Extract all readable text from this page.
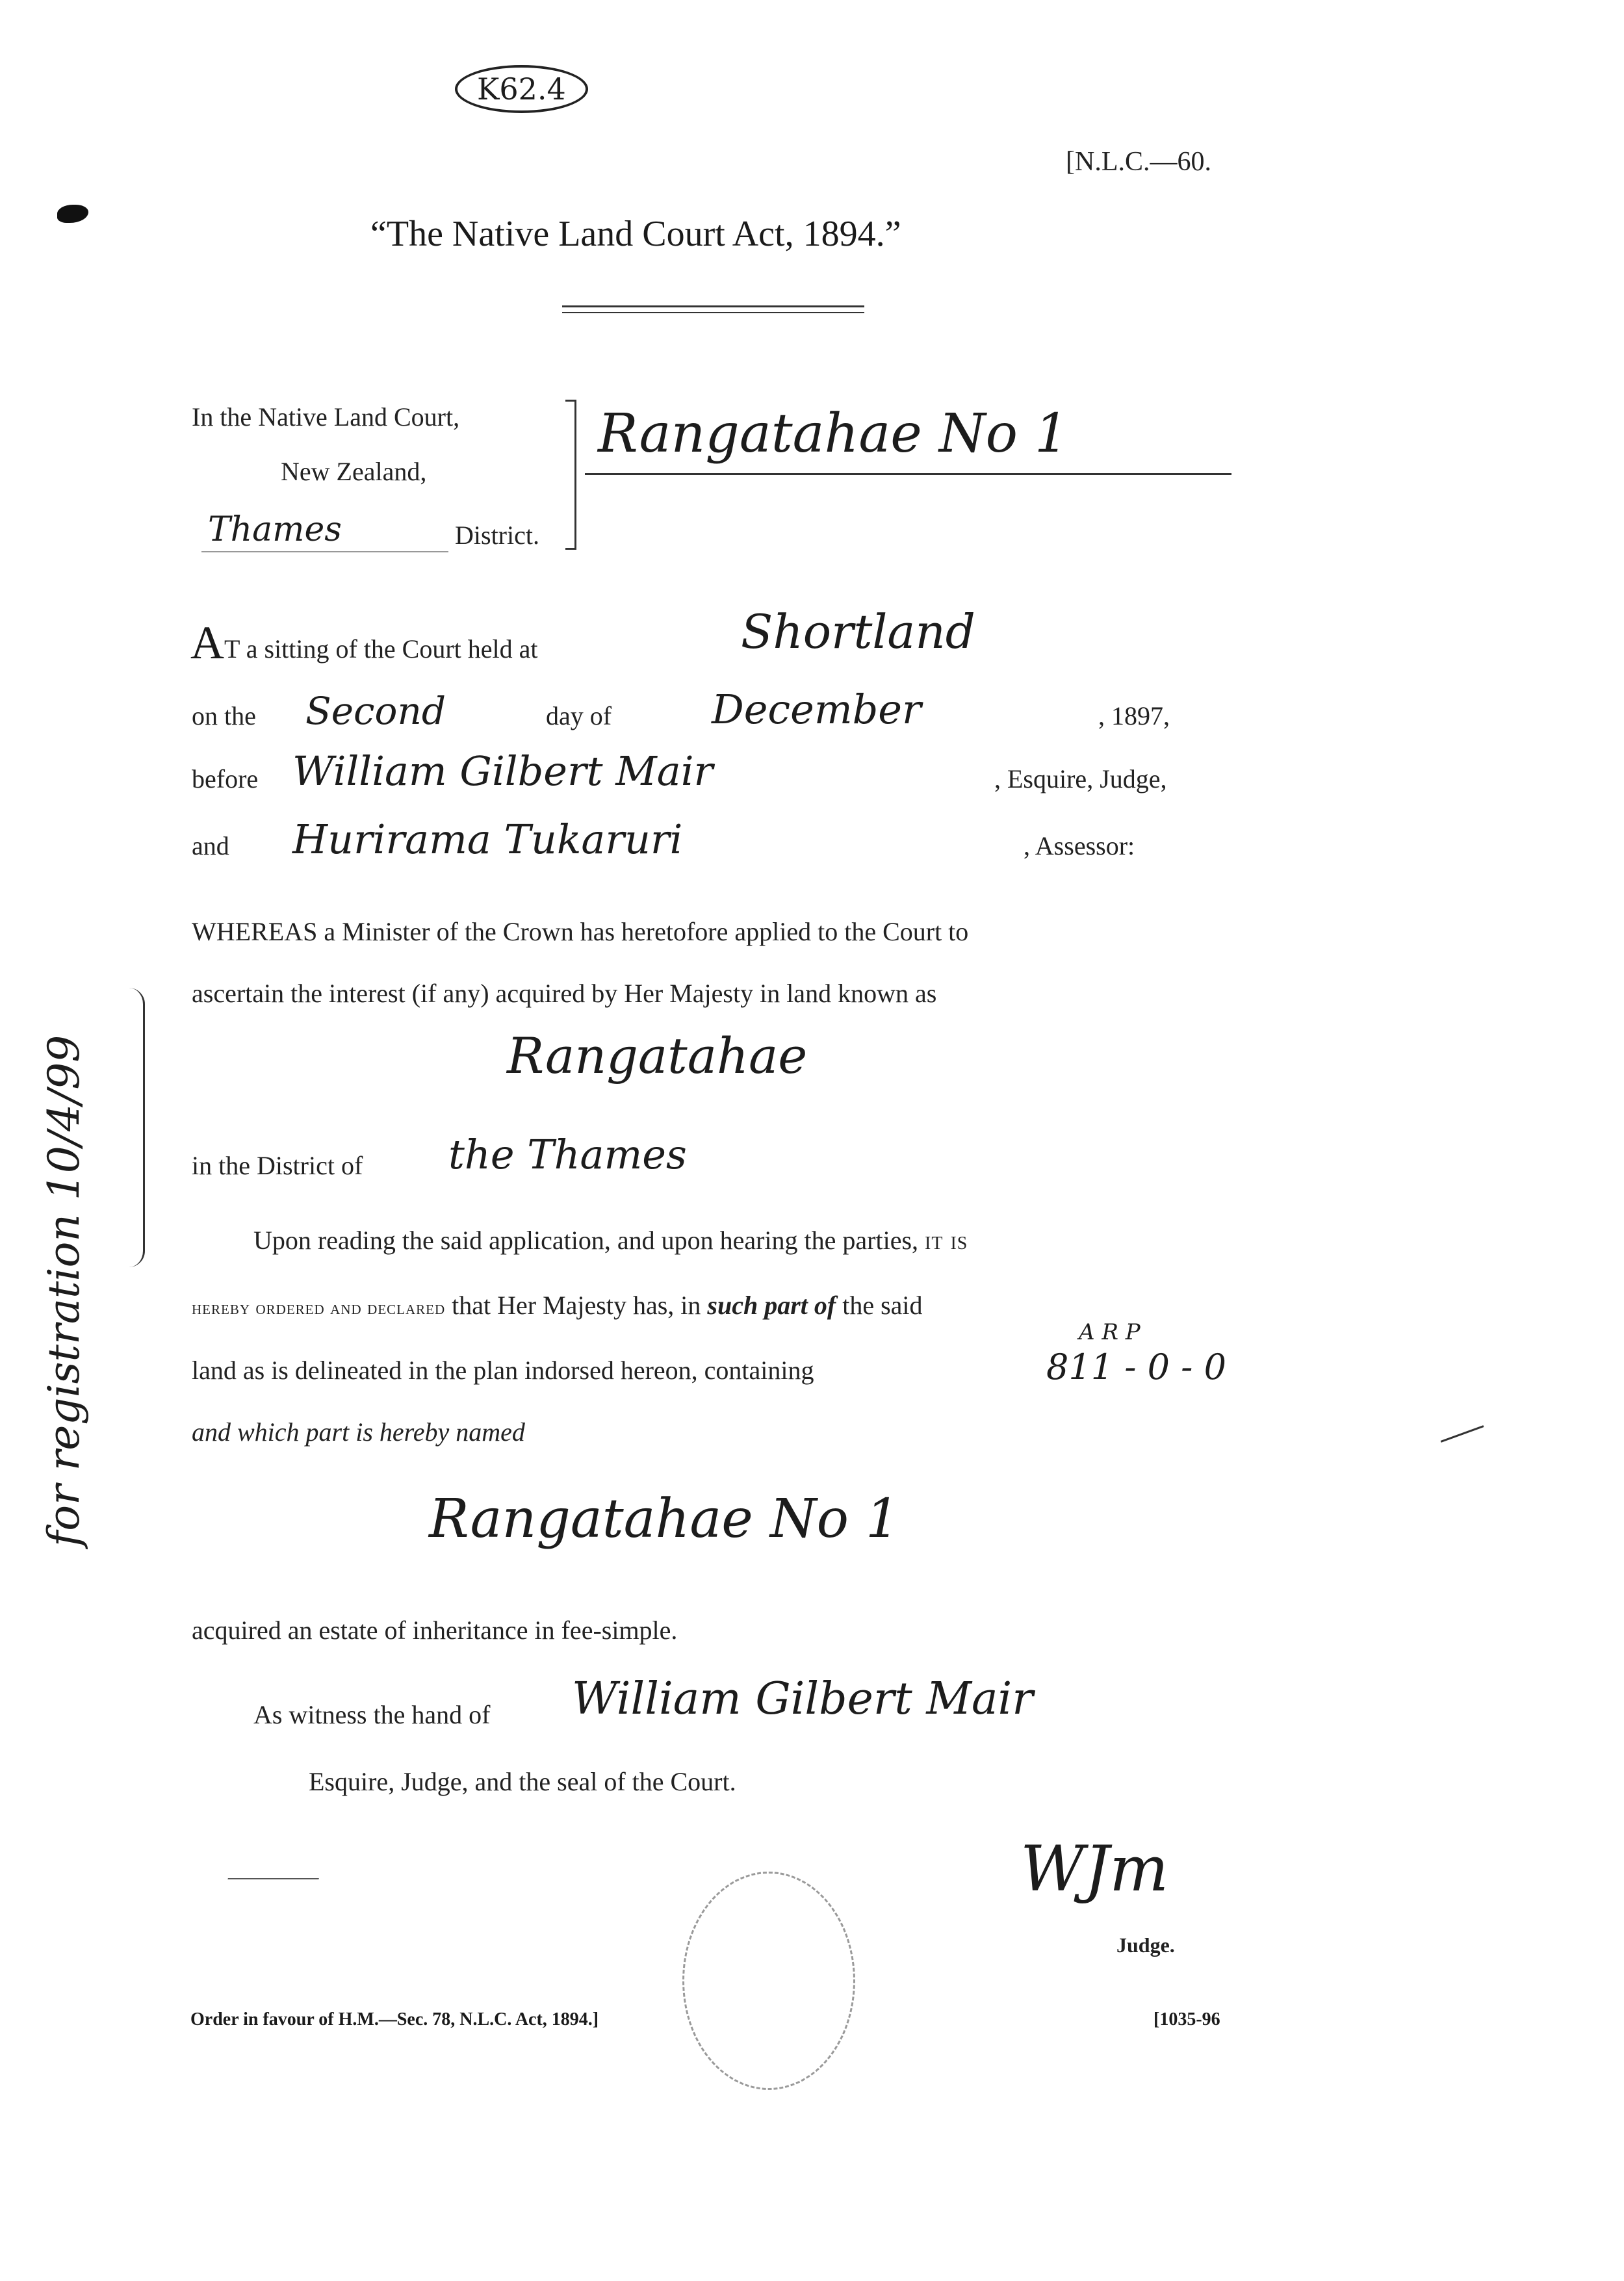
K62.4
[N.L.C.—60.
“The Native Land Court Act, 1894.”
In the Native Land Court,
New Zealand,
Thames	District.
Rangatahae No 1
A T a sitting of the Court held at	Shortland
on the Second	day of December	, 1897,
before William Gilbert Mair	, Esquire, Judge,
and Hurirama Tukaruri	, Assessor:
WHEREAS a Minister of the Crown has heretofore applied to the Court to
ascertain the interest (if any) acquired by Her Majesty in land known as
Rangatahae
in the District of the Thames
Upon reading the said application, and upon hearing the parties, it is
hereby ordered and declared that Her Majesty has, in such part of the said
land as is delineated in the plan indorsed hereon, containing
A R P
811 - 0 - 0
and which part is hereby named
Rangatahae No 1
acquired an estate of inheritance in fee-simple.
As witness the hand of William Gilbert Mair
Esquire, Judge, and the seal of the Court.
WJm
Judge.
for registration 10/4/99
Order in favour of H.M.—Sec. 78, N.L.C. Act, 1894.]	[1035-96
